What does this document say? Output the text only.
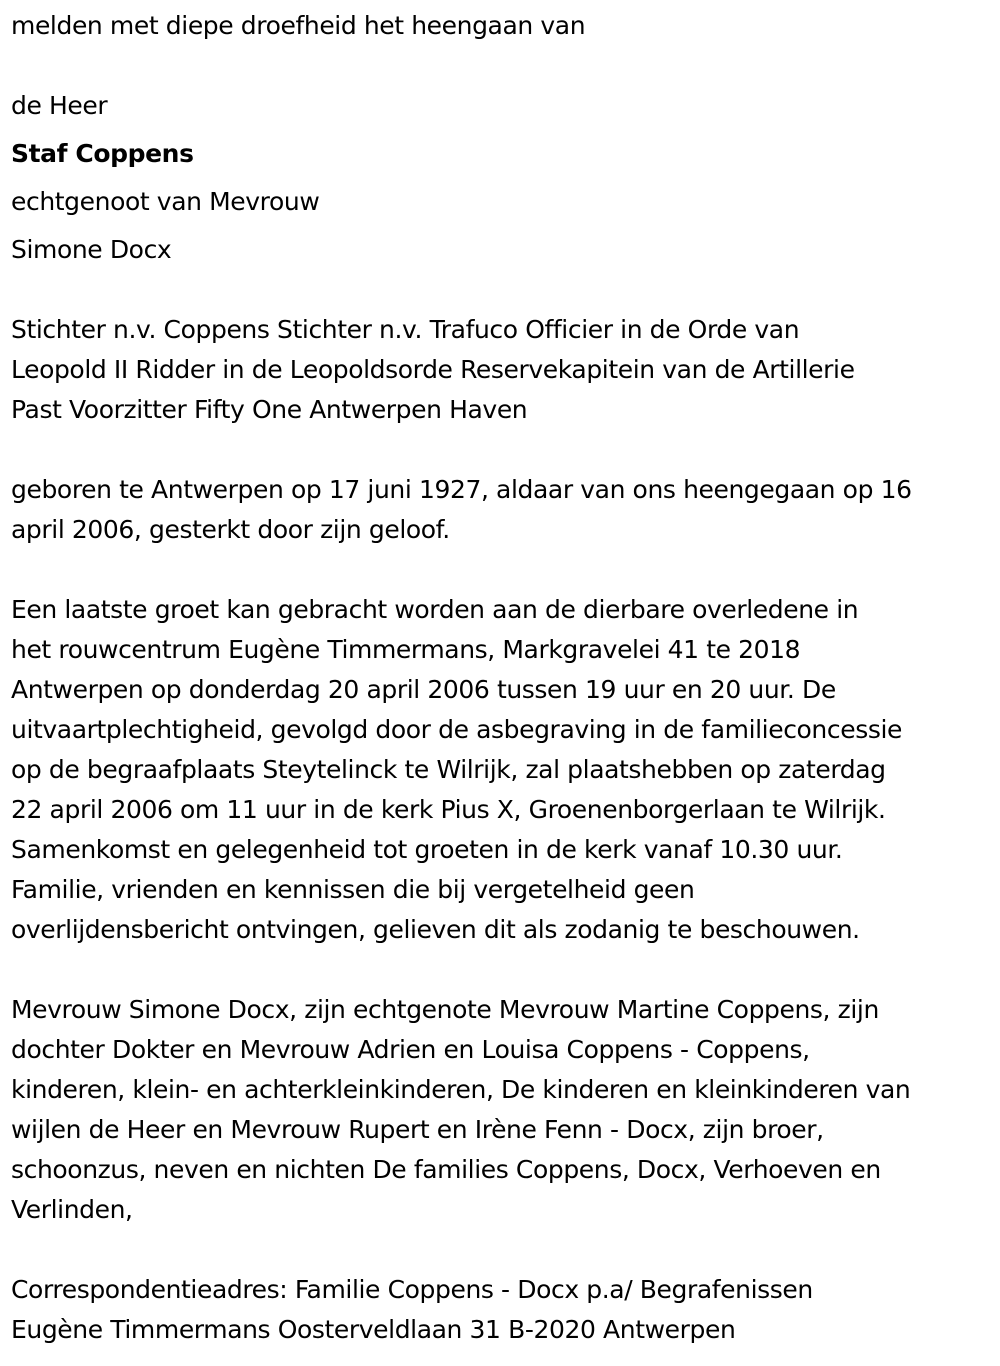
melden met diepe droefheid het heengaan van
de Heer
Staf Coppens
echtgenoot van Mevrouw
Simone Docx
Stichter n.v. Coppens Stichter n.v. Trafuco Officier in de Orde van
Leopold II Ridder in de Leopoldsorde Reservekapitein van de Artillerie
Past Voorzitter Fifty One Antwerpen Haven
geboren te Antwerpen op 17 juni 1927, aldaar van ons heengegaan op 16
april 2006, gesterkt door zijn geloof.
Een laatste groet kan gebracht worden aan de dierbare overledene in
het rouwcentrum Eugène Timmermans, Markgravelei 41 te 2018
Antwerpen op donderdag 20 april 2006 tussen 19 uur en 20 uur. De
uitvaartplechtigheid, gevolgd door de asbegraving in de familieconcessie
op de begraafplaats Steytelinck te Wilrijk, zal plaatshebben op zaterdag
22 april 2006 om 11 uur in de kerk Pius X, Groenenborgerlaan te Wilrijk.
Samenkomst en gelegenheid tot groeten in de kerk vanaf 10.30 uur.
Familie, vrienden en kennissen die bij vergetelheid geen
overlijdensbericht ontvingen, gelieven dit als zodanig te beschouwen.
Mevrouw Simone Docx, zijn echtgenote Mevrouw Martine Coppens, zijn
dochter Dokter en Mevrouw Adrien en Louisa Coppens - Coppens,
kinderen, klein- en achterkleinkinderen, De kinderen en kleinkinderen van
wijlen de Heer en Mevrouw Rupert en Irène Fenn - Docx, zijn broer,
schoonzus, neven en nichten De families Coppens, Docx, Verhoeven en
Verlinden,
Correspondentieadres: Familie Coppens - Docx p.a/ Begrafenissen
Eugène Timmermans Oosterveldlaan 31 B-2020 Antwerpen
